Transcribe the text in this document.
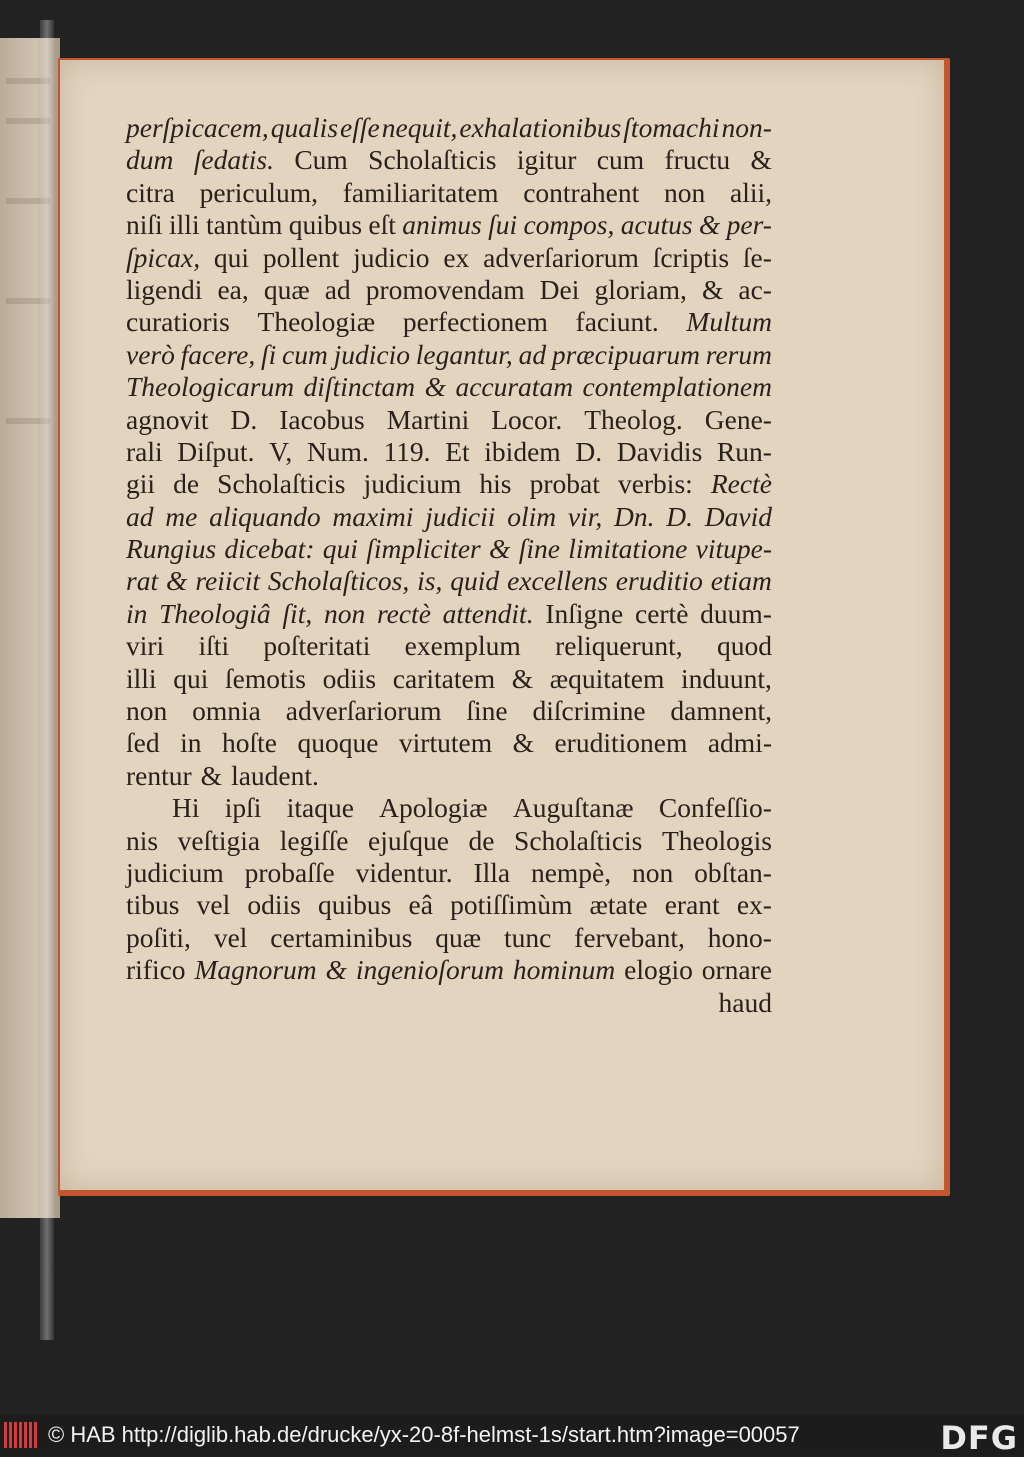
perſpicacem, qualis eſſe nequit, exhalationibus ſtomachi non-
dum ſedatis. Cum Scholaſticis igitur cum fructu &
citra periculum, familiaritatem contrahent non alii,
niſi illi tantùm quibus eſt animus ſui compos, acutus & per-
ſpicax, qui pollent judicio ex adverſariorum ſcriptis ſe-
ligendi ea, quæ ad promovendam Dei gloriam, & ac-
curatioris Theologiæ perfectionem faciunt. Multum
verò facere, ſi cum judicio legantur, ad præcipuarum rerum
Theologicarum diſtinctam & accuratam contemplationem
agnovit D. Iacobus Martini Locor. Theolog. Gene-
rali Diſput. V, Num. 119. Et ibidem D. Davidis Run-
gii de Scholaſticis judicium his probat verbis: Rectè
ad me aliquando maximi judicii olim vir, Dn. D. David
Rungius dicebat: qui ſimpliciter & ſine limitatione vitupe-
rat & reiicit Scholaſticos, is, quid excellens eruditio etiam
in Theologiâ ſit, non rectè attendit. Inſigne certè duum-
viri iſti poſteritati exemplum reliquerunt, quod
illi qui ſemotis odiis caritatem & æquitatem induunt,
non omnia adverſariorum ſine diſcrimine damnent,
ſed in hoſte quoque virtutem & eruditionem admi-
rentur & laudent.
Hi ipſi itaque Apologiæ Auguſtanæ Confeſſio-
nis veſtigia legiſſe ejuſque de Scholaſticis Theologis
judicium probaſſe videntur. Illa nempè, non obſtan-
tibus vel odiis quibus eâ potiſſimùm ætate erant ex-
poſiti, vel certaminibus quæ tunc fervebant, hono-
rifico Magnorum & ingenioſorum hominum elogio ornare
haud
© HAB http://diglib.hab.de/drucke/yx-20-8f-helmst-1s/start.htm?image=00057	DFG
